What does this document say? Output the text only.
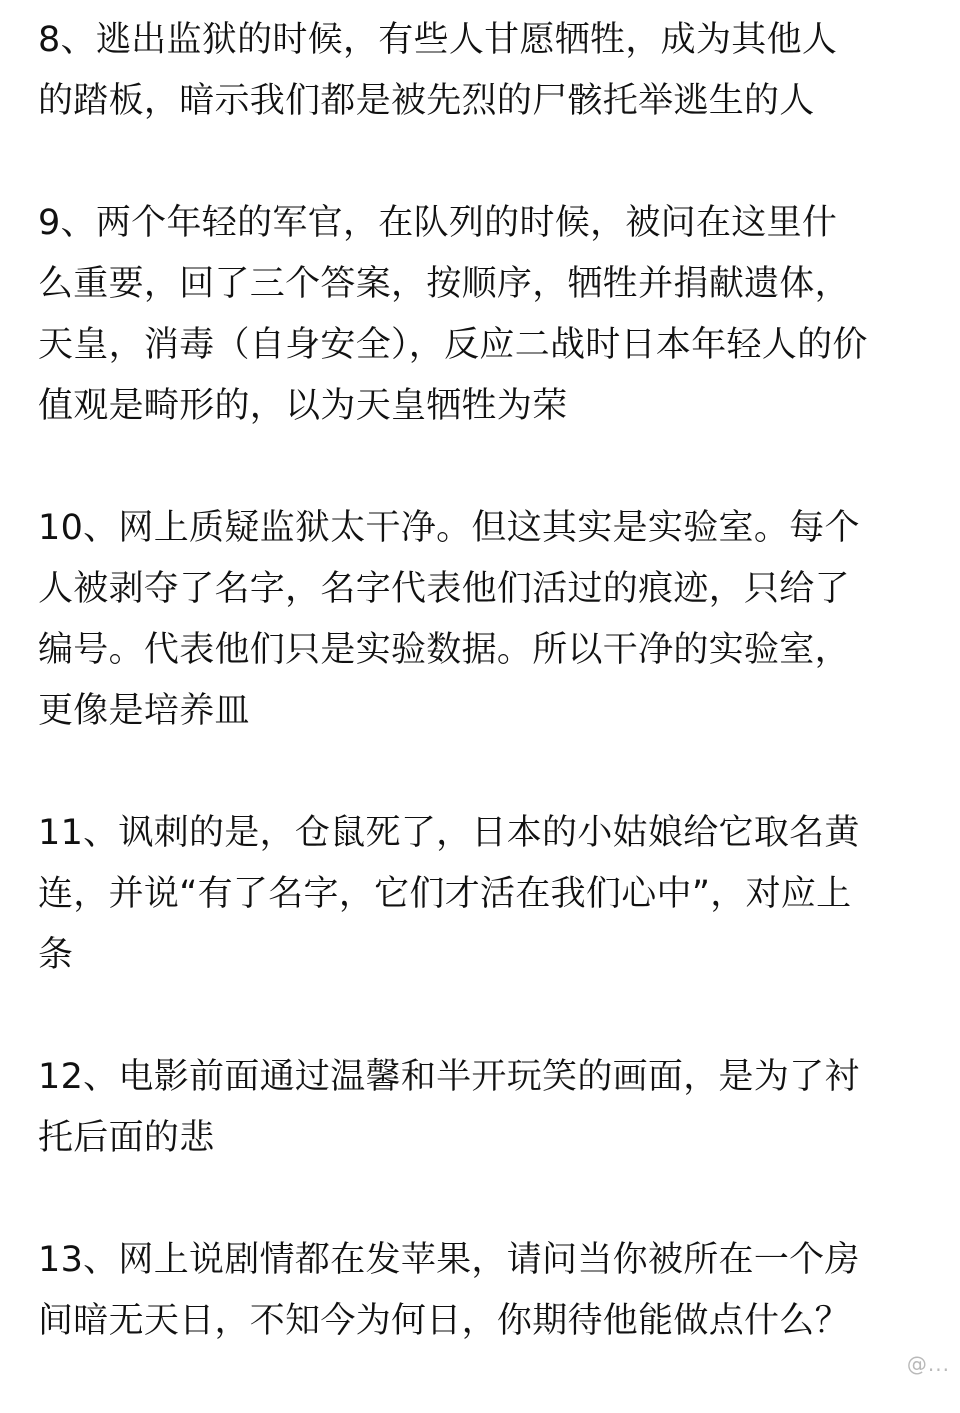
8、逃出监狱的时候，有些人甘愿牺牲，成为其他人
的踏板，暗示我们都是被先烈的尸骸托举逃生的人
9、两个年轻的军官，在队列的时候，被问在这里什
么重要，回了三个答案，按顺序，牺牲并捐献遗体，
天皇，消毒（自身安全），反应二战时日本年轻人的价
值观是畸形的，以为天皇牺牲为荣
10、网上质疑监狱太干净。但这其实是实验室。每个
人被剥夺了名字，名字代表他们活过的痕迹，只给了
编号。代表他们只是实验数据。所以干净的实验室，
更像是培养皿
11、讽刺的是，仓鼠死了，日本的小姑娘给它取名黄
连，并说“有了名字，它们才活在我们心中”，对应上
条
12、电影前面通过温馨和半开玩笑的画面，是为了衬
托后面的悲
13、网上说剧情都在发苹果，请问当你被所在一个房
间暗无天日，不知今为何日，你期待他能做点什么？
@...
